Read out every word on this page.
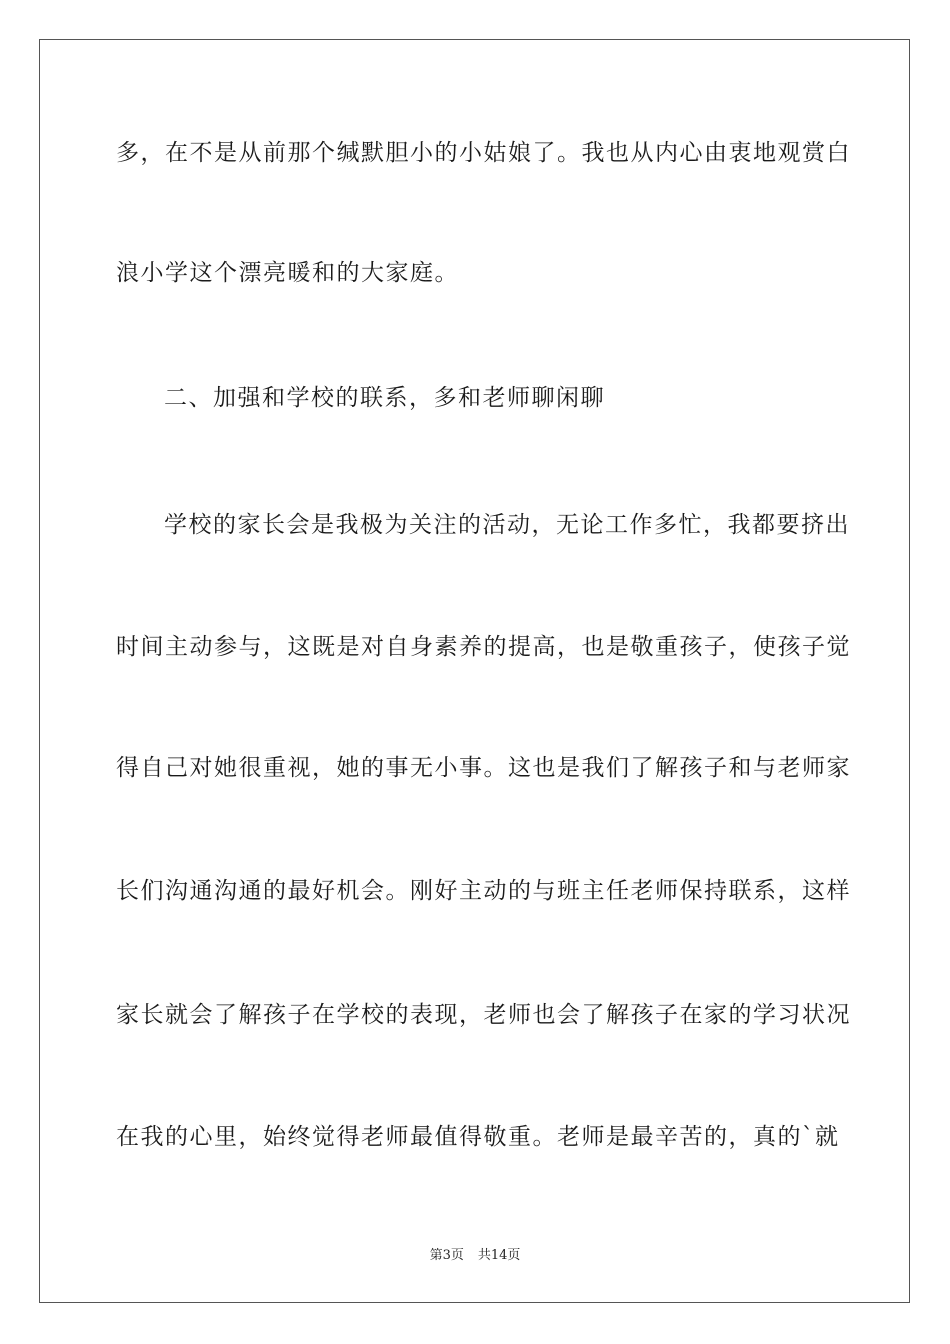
多，在不是从前那个缄默胆小的小姑娘了。我也从内心由衷地观赏白
浪小学这个漂亮暖和的大家庭。
二、加强和学校的联系，多和老师聊闲聊
学校的家长会是我极为关注的活动，无论工作多忙，我都要挤出
时间主动参与，这既是对自身素养的提高，也是敬重孩子，使孩子觉
得自己对她很重视，她的事无小事。这也是我们了解孩子和与老师家
长们沟通沟通的最好机会。刚好主动的与班主任老师保持联系，这样
家长就会了解孩子在学校的表现，老师也会了解孩子在家的学习状况
在我的心里，始终觉得老师最值得敬重。老师是最辛苦的，真的`就
第3页 共14页
